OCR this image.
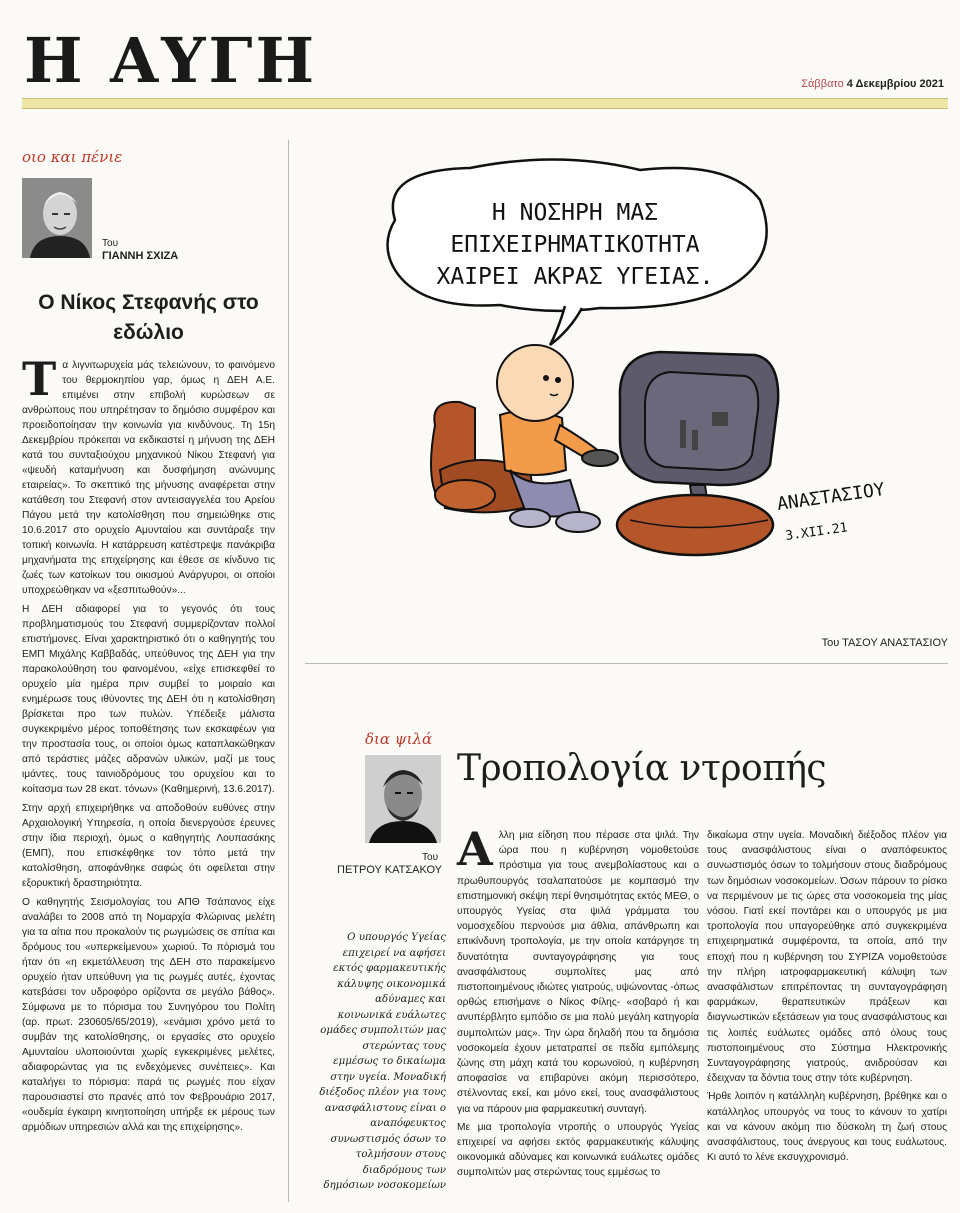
Η ΑΥΓΗ	Σάββατο 4 Δεκεμβρίου 2021
οιο και πένιε
Του
ΓΙΑΝΝΗ ΣΧΙΖΑ
Ο Νίκος Στεφανής στο εδώλιο

Τα λιγνιτωρυχεία μάς τελειώνουν, το φαινόμενο του θερμοκηπίου γαρ, όμως η ΔΕΗ Α.Ε. επιμένει στην επιβολή κυρώσεων σε ανθρώπους που υπηρέτησαν το δημόσιο συμφέρον και προειδοποίησαν την κοινωνία για κινδύνους. Τη 15η Δεκεμβρίου πρόκειται να εκδικαστεί η μήνυση της ΔΕΗ κατά του συνταξιούχου μηχανικού Νίκου Στεφανή για «ψευδή καταμήνυση και δυσφήμηση ανώνυμης εταιρείας». Το σκεπτικό της μήνυσης αναφέρεται στην κατάθεση του Στεφανή στον αντεισαγγελέα του Αρείου Πάγου μετά την κατολίσθηση που σημειώθηκε στις 10.6.2017 στο ορυχείο Αμυνταίου και συντάραξε την τοπική κοινωνία. Η κατάρρευση κατέστρεψε πανάκριβα μηχανήματα της επιχείρησης και έθεσε σε κίνδυνο τις ζωές των κατοίκων του οικισμού Ανάργυροι, οι οποίοι υποχρεώθηκαν να «ξεσπιτωθούν»...

Η ΔΕΗ αδιαφορεί για το γεγονός ότι τους προβληματισμούς του Στεφανή συμμερίζονταν πολλοί επιστήμονες. Είναι χαρακτηριστικό ότι ο καθηγητής του ΕΜΠ Μιχάλης Καββαδάς, υπεύθυνος της ΔΕΗ για την παρακολούθηση του φαινομένου, «είχε επισκεφθεί το ορυχείο μία ημέρα πριν συμβεί το μοιραίο και ενημέρωσε τους ιθύνοντες της ΔΕΗ ότι η κατολίσθηση βρίσκεται προ των πυλών. Υπέδειξε μάλιστα συγκεκριμένο μέρος τοποθέτησης των εκσκαφέων για την προστασία τους, οι οποίοι όμως καταπλακώθηκαν από τεράστιες μάζες αδρανών υλικών, μαζί με τους ιμάντες, τους ταινιοδρόμους του ορυχείου και το κοίτασμα των 28 εκατ. τόνων» (Καθημερινή, 13.6.2017).

Στην αρχή επιχειρήθηκε να αποδοθούν ευθύνες στην Αρχαιολογική Υπηρεσία, η οποία διενεργούσε έρευνες στην ίδια περιοχή, όμως ο καθηγητής Λουπασάκης (ΕΜΠ), που επισκέφθηκε τον τόπο μετά την κατολίσθηση, αποφάνθηκε σαφώς ότι οφείλεται στην εξορυκτική δραστηριότητα.

Ο καθηγητής Σεισμολογίας του ΑΠΘ Τσάπανος είχε αναλάβει το 2008 από τη Νομαρχία Φλώρινας μελέτη για τα αίτια που προκαλούν τις ρωγμώσεις σε σπίτια και δρόμους του «υπερκείμενου» χωριού. Το πόρισμά του ήταν ότι «η εκμετάλλευση της ΔΕΗ στο παρακείμενο ορυχείο ήταν υπεύθυνη για τις ρωγμές αυτές, έχοντας κατεβάσει τον υδροφόρο ορίζοντα σε μεγάλο βάθος». Σύμφωνα με το πόρισμα του Συνηγόρου του Πολίτη (αρ. πρωτ. 230605/65/2019), «ενάμισι χρόνο μετά το συμβάν της κατολίσθησης, οι εργασίες στο ορυχείο Αμυνταίου υλοποιούνται χωρίς εγκεκριμένες μελέτες, αδιαφορώντας για τις ενδεχόμενες συνέπειες». Και καταλήγει το πόρισμα: παρά τις ρωγμές που είχαν παρουσιαστεί στο πρανές από τον Φεβρουάριο 2017, «ουδεμία έγκαιρη κινητοποίηση υπήρξε εκ μέρους των αρμόδιων υπηρεσιών αλλά και της επιχείρησης».

Η ΝΟΣΗΡΗ ΜΑΣ
ΕΠΙΧΕΙΡΗΜΑΤΙΚΟΤΗΤΑ
ΧΑΙΡΕΙ ΑΚΡΑΣ ΥΓΕΙΑΣ.
ΑΝΑΣΤΑΣΙΟΥ
3.XII.21
Του ΤΑΣΟΥ ΑΝΑΣΤΑΣΙΟΥ
δια ψιλά
Του
ΠΕΤΡΟΥ ΚΑΤΣΑΚΟΥ
Τροπολογία ντροπής
Ο υπουργός Υγείας επιχειρεί να αφήσει εκτός φαρμακευτικής κάλυψης οικονομικά αδύναμες και κοινωνικά ευάλωτες ομάδες συμπολιτών μας στερώντας τους εμμέσως το δικαίωμα στην υγεία. Μοναδική διέξοδος πλέον για τους ανασφάλιστους είναι ο αναπόφευκτος συνωστισμός όσων το τολμήσουν στους διαδρόμους των δημόσιων νοσοκομείων

Αλλη μια είδηση που πέρασε στα ψιλά. Την ώρα που η κυβέρνηση νομοθετούσε πρόστιμα για τους ανεμβολίαστους και ο πρωθυπουργός τσαλαπατούσε με κομπασμό την επιστημονική σκέψη περί θνησιμότητας εκτός ΜΕΘ, ο υπουργός Υγείας στα ψιλά γράμματα του νομοσχεδίου περνούσε μια άθλια, απάνθρωπη και επικίνδυνη τροπολογία, με την οποία κατάργησε τη δυνατότητα συνταγογράφησης για τους ανασφάλιστους συμπολίτες μας από πιστοποιημένους ιδιώτες γιατρούς, υψώνοντας -όπως ορθώς επισήμανε ο Νίκος Φίλης- «σοβαρό ή και ανυπέρβλητο εμπόδιο σε μια πολύ μεγάλη κατηγορία συμπολιτών μας». Την ώρα δηλαδή που τα δημόσια νοσοκομεία έχουν μετατραπεί σε πεδία εμπόλεμης ζώνης στη μάχη κατά του κορωνοϊού, η κυβέρνηση αποφασίσε να επιβαρύνει ακόμη περισσότερο, στέλνοντας εκεί, και μόνο εκεί, τους ανασφάλιστους για να πάρουν μια φαρμακευτική συνταγή.

Με μια τροπολογία ντροπής ο υπουργός Υγείας επιχειρεί να αφήσει εκτός φαρμακευτικής κάλυψης οικονομικά αδύναμες και κοινωνικά ευάλωτες ομάδες συμπολιτών μας στερώντας τους εμμέσως το

δικαίωμα στην υγεία. Μοναδική διέξοδος πλέον για τους ανασφάλιστους είναι ο αναπόφευκτος συνωστισμός όσων το τολμήσουν στους διαδρόμους των δημόσιων νοσοκομείων. Όσων πάρουν το ρίσκο να περιμένουν με τις ώρες στα νοσοκομεία της μίας νόσου. Γιατί εκεί ποντάρει και ο υπουργός με μια τροπολογία που υπαγορεύθηκε από συγκεκριμένα επιχειρηματικά συμφέροντα, τα οποία, από την εποχή που η κυβέρνηση του ΣΥΡΙΖΑ νομοθετούσε την πλήρη ιατροφαρμακευτική κάλυψη των ανασφάλιστων επιτρέποντας τη συνταγογράφηση φαρμάκων, θεραπευτικών πράξεων και διαγνωστικών εξετάσεων για τους ανασφάλιστους και τις λοιπές ευάλωτες ομάδες από όλους τους πιστοποιημένους στο Σύστημα Ηλεκτρονικής Συνταγογράφησης γιατρούς, ανιδρούσαν και έδειχναν τα δόντια τους στην τότε κυβέρνηση.

Ήρθε λοιπόν η κατάλληλη κυβέρνηση, βρέθηκε και ο κατάλληλος υπουργός να τους το κάνουν το χατίρι και να κάνουν ακόμη πιο δύσκολη τη ζωή στους ανασφάλιστους, τους άνεργους και τους ευάλωτους. Κι αυτό το λένε εκσυγχρονισμό.
